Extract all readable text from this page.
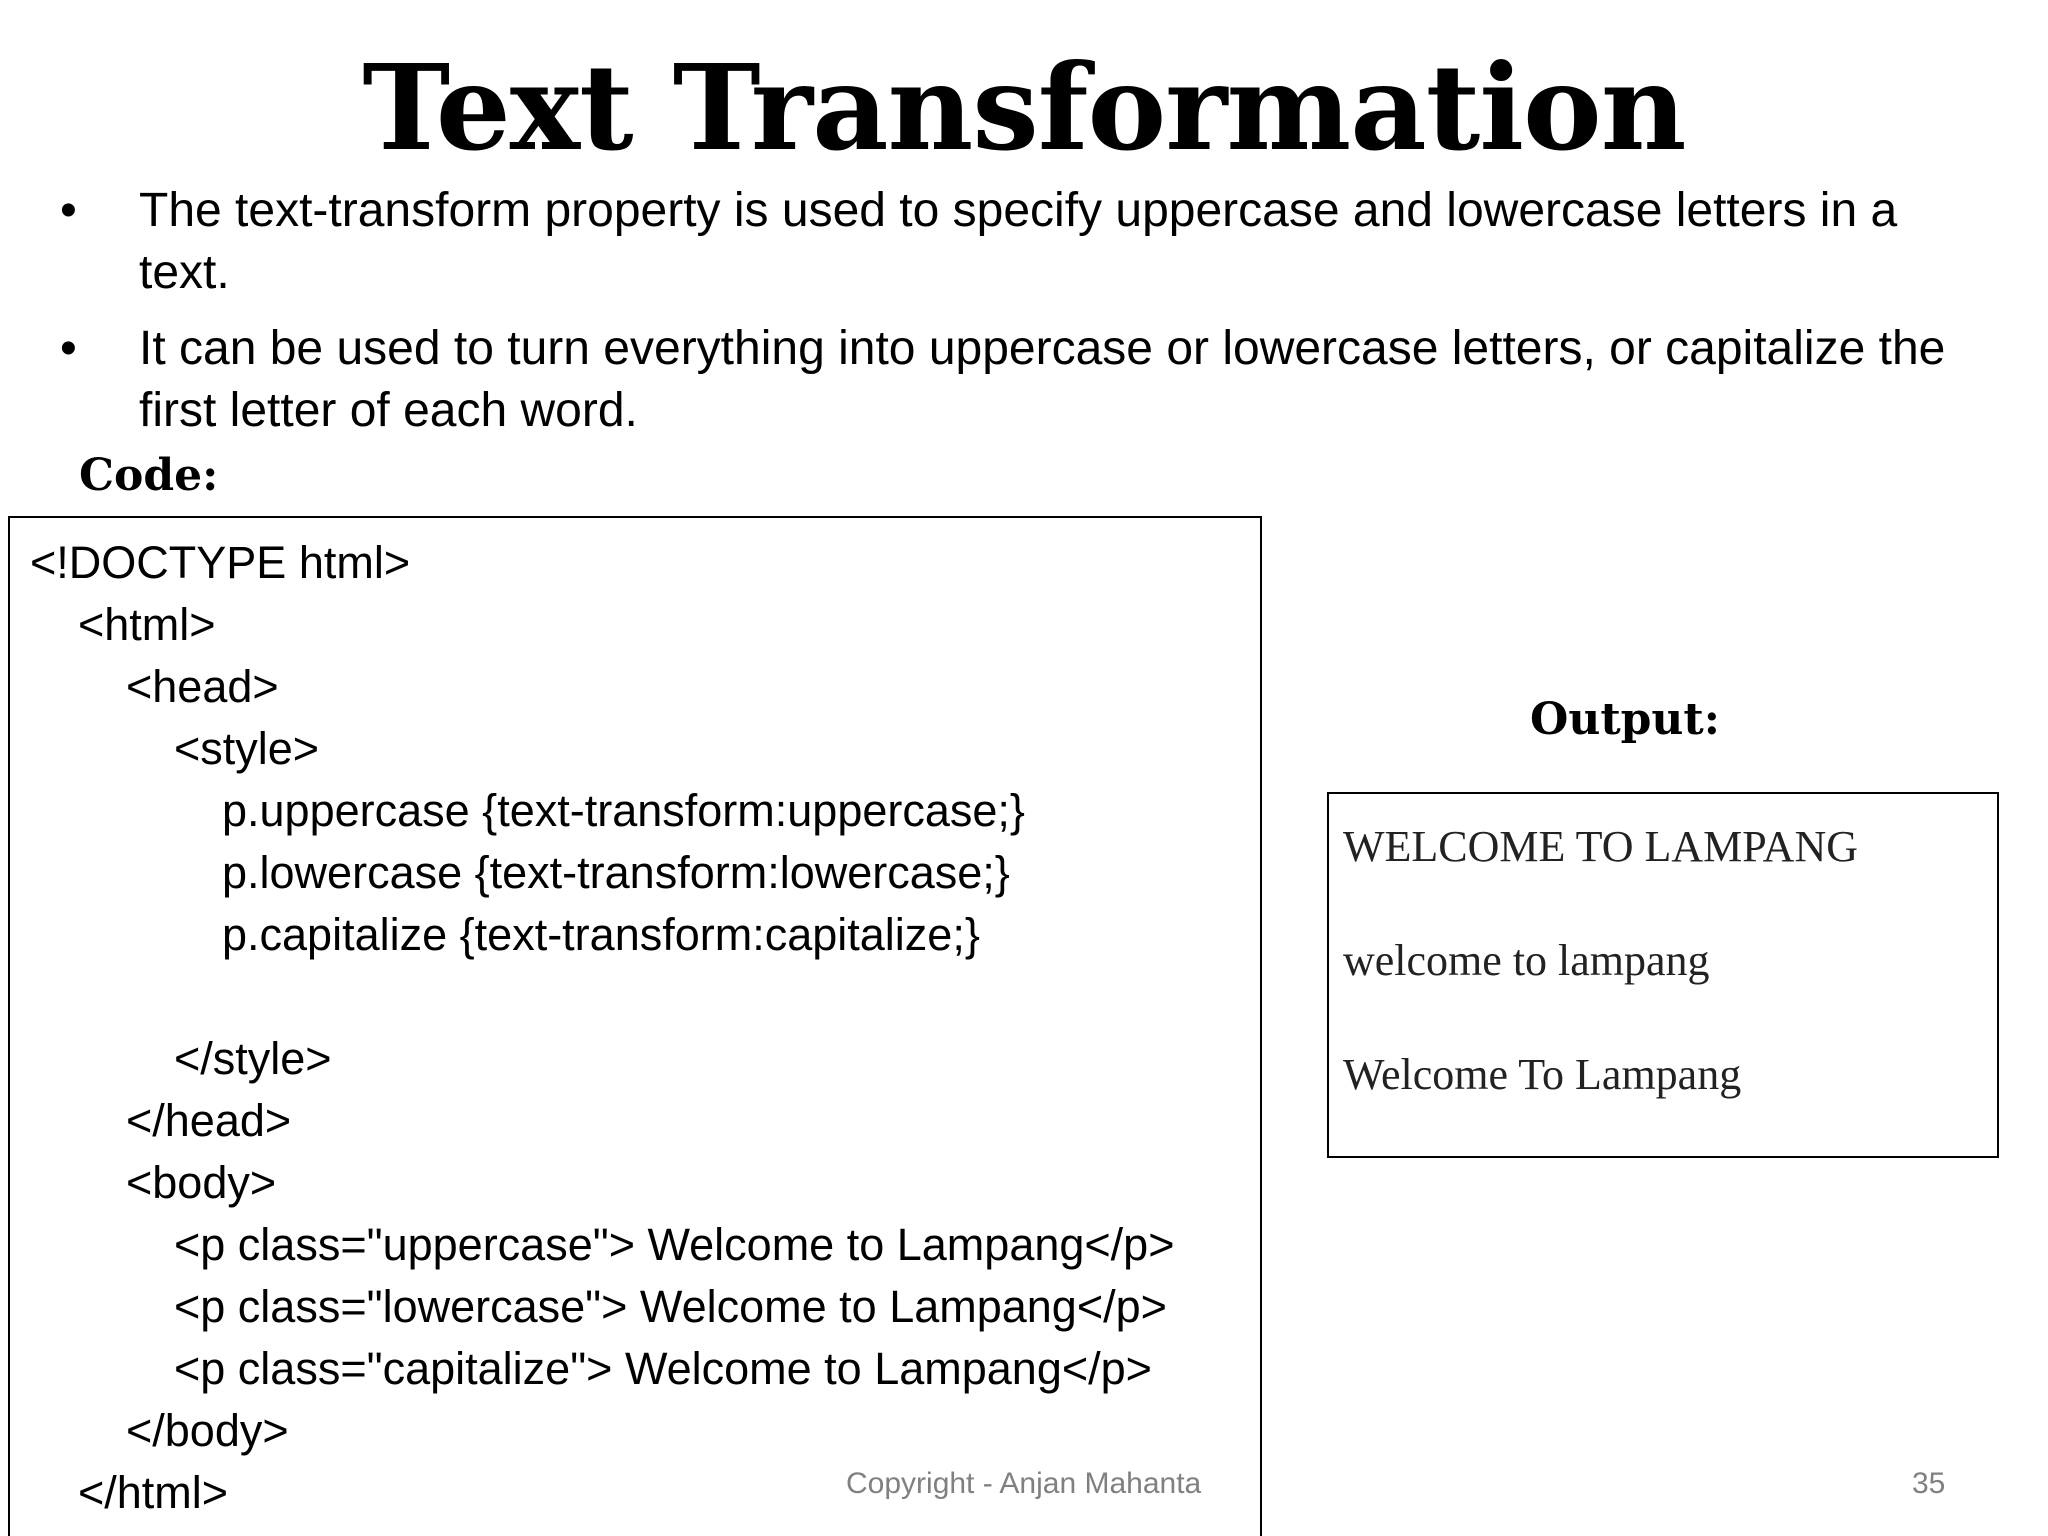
Text Transformation
• The text-transform property is used to specify uppercase and lowercase letters in a text.
• It can be used to turn everything into uppercase or lowercase letters, or capitalize the first letter of each word.
Code:
<!DOCTYPE html>
<html>
<head>
<style>
p.uppercase {text-transform:uppercase;}
p.lowercase {text-transform:lowercase;}
p.capitalize {text-transform:capitalize;}
</style>
</head>
<body>
<p class="uppercase"> Welcome to Lampang</p>
<p class="lowercase"> Welcome to Lampang</p>
<p class="capitalize"> Welcome to Lampang</p>
</body>
</html>
Output:
WELCOME TO LAMPANG
welcome to lampang
Welcome To Lampang
Copyright - Anjan Mahanta	35
